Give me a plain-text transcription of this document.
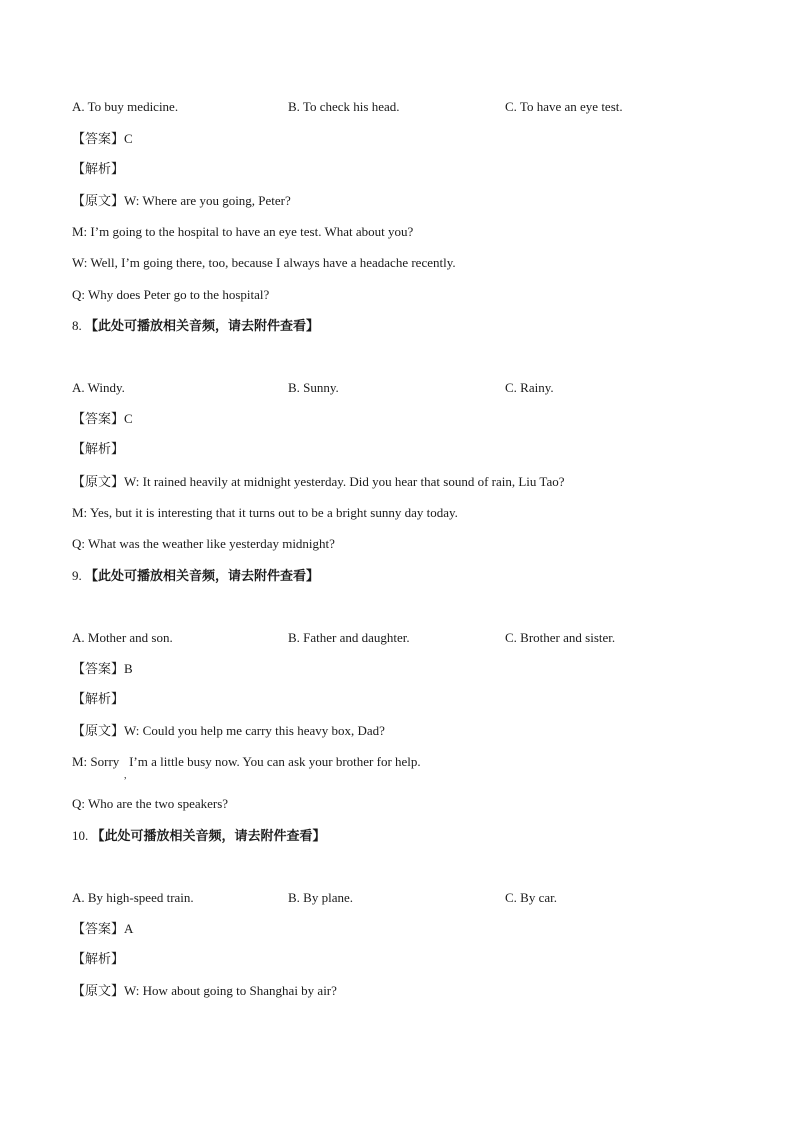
A. To buy medicine.	B. To check his head.	C. To have an eye test.
【答案】C
【解析】
【原文】W: Where are you going, Peter?
M: I’m going to the hospital to have an eye test. What about you?
W: Well, I’m going there, too, because I always have a headache recently.
Q: Why does Peter go to the hospital?
8. 【此处可播放相关音频，请去附件查看】
A. Windy.	B. Sunny.	C. Rainy.
【答案】C
【解析】
【原文】W: It rained heavily at midnight yesterday. Did you hear that sound of rain, Liu Tao?
M: Yes, but it is interesting that it turns out to be a bright sunny day today.
Q: What was the weather like yesterday midnight?
9. 【此处可播放相关音频，请去附件查看】
A. Mother and son.	B. Father and daughter.	C. Brother and sister.
【答案】B
【解析】
【原文】W: Could you help me carry this heavy box, Dad?
M: Sorry I’m a little busy now. You can ask your brother for help.
,
Q: Who are the two speakers?
10. 【此处可播放相关音频，请去附件查看】
A. By high-speed train.	B. By plane.	C. By car.
【答案】A
【解析】
【原文】W: How about going to Shanghai by air?
